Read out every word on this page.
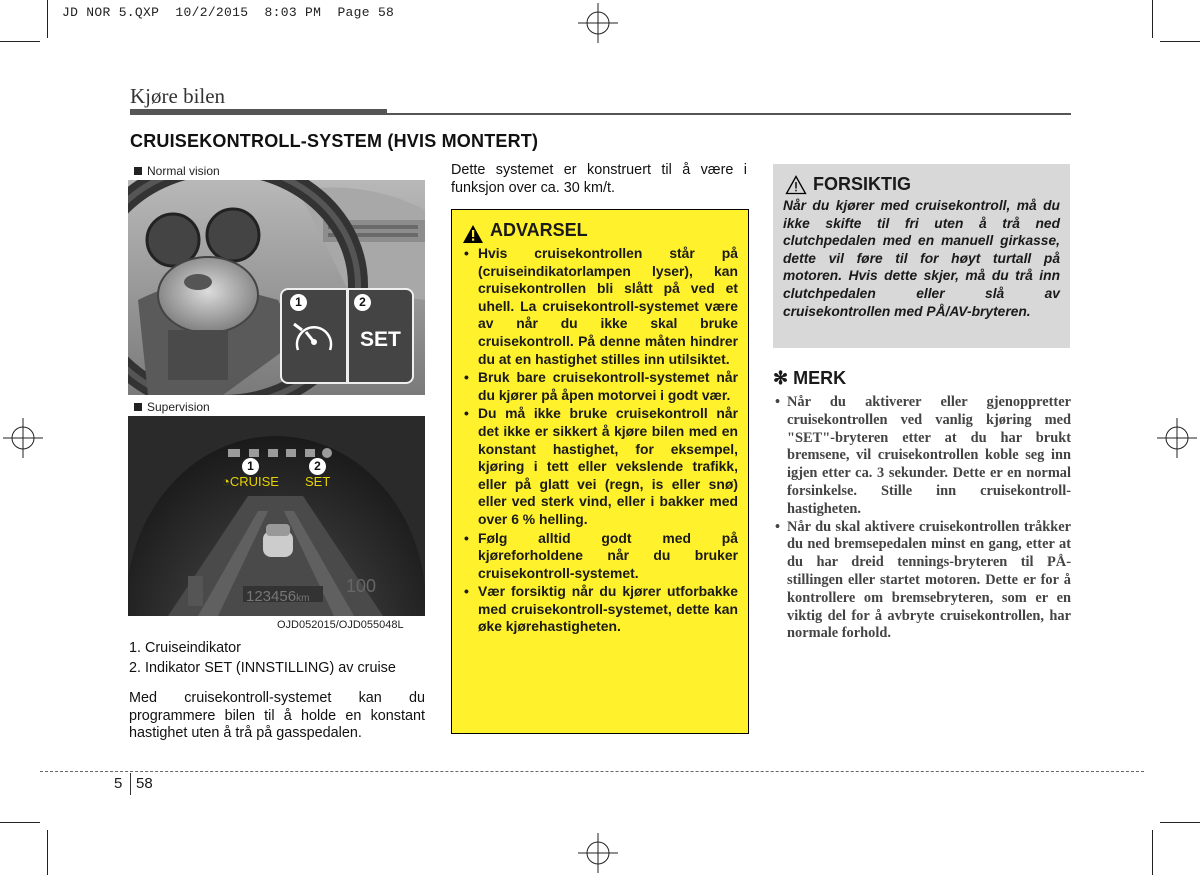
JD NOR 5.QXP  10/2/2015  8:03 PM  Page 58
Kjøre bilen
CRUISEKONTROLL-SYSTEM (HVIS MONTERT)
Normal vision
1	2
SET
Supervision
1	2
◔CRUISE SET
123456km
100
OJD052015/OJD055048L
1. Cruiseindikator
2. Indikator SET (INNSTILLING) av cruise
Dette systemet er konstruert til å være i funksjon over ca. 30 km/t.
Med cruisekontroll-systemet kan du programmere bilen til å holde en konstant hastighet uten å trå på gasspedalen.
ADVARSEL
• Hvis cruisekontrollen står på (cruiseindikatorlampen lyser), kan cruisekontrollen bli slått på ved et uhell. La cruisekontroll-systemet være av når du ikke skal bruke cruisekontroll. På denne måten hindrer du at en hastighet stilles inn utilsiktet.
• Bruk bare cruisekontroll-systemet når du kjører på åpen motorvei i godt vær.
• Du må ikke bruke cruisekontroll når det ikke er sikkert å kjøre bilen med en konstant hastighet, for eksempel, kjøring i tett eller vekslende trafikk, eller på glatt vei (regn, is eller snø) eller ved sterk vind, eller i bakker med over 6 % helling.
• Følg alltid godt med på kjøreforholdene når du bruker cruisekontroll-systemet.
• Vær forsiktig når du kjører utforbakke med cruisekontroll-systemet, dette kan øke kjørehastigheten.
FORSIKTIG
Når du kjører med cruisekontroll, må du ikke skifte til fri uten å trå ned clutchpedalen med en manuell girkasse, dette vil føre til for høyt turtall på motoren. Hvis dette skjer, må du trå inn clutchpedalen eller slå av cruisekontrollen med PÅ/AV-bryteren.
✻ MERK
• Når du aktiverer eller gjenoppretter cruisekontrollen ved vanlig kjøring med "SET"-bryteren etter at du har brukt bremsene, vil cruisekontrollen koble seg inn igjen etter ca. 3 sekunder. Dette er en normal forsinkelse. Stille inn cruisekontroll-hastigheten.
• Når du skal aktivere cruisekontrollen tråkker du ned bremsepedalen minst en gang, etter at du har dreid tennings-bryteren til PÅ-stillingen eller startet motoren. Dette er for å kontrollere om bremsebryteren, som er en viktig del for å avbryte cruisekontrollen, har normale forhold.
5 58
